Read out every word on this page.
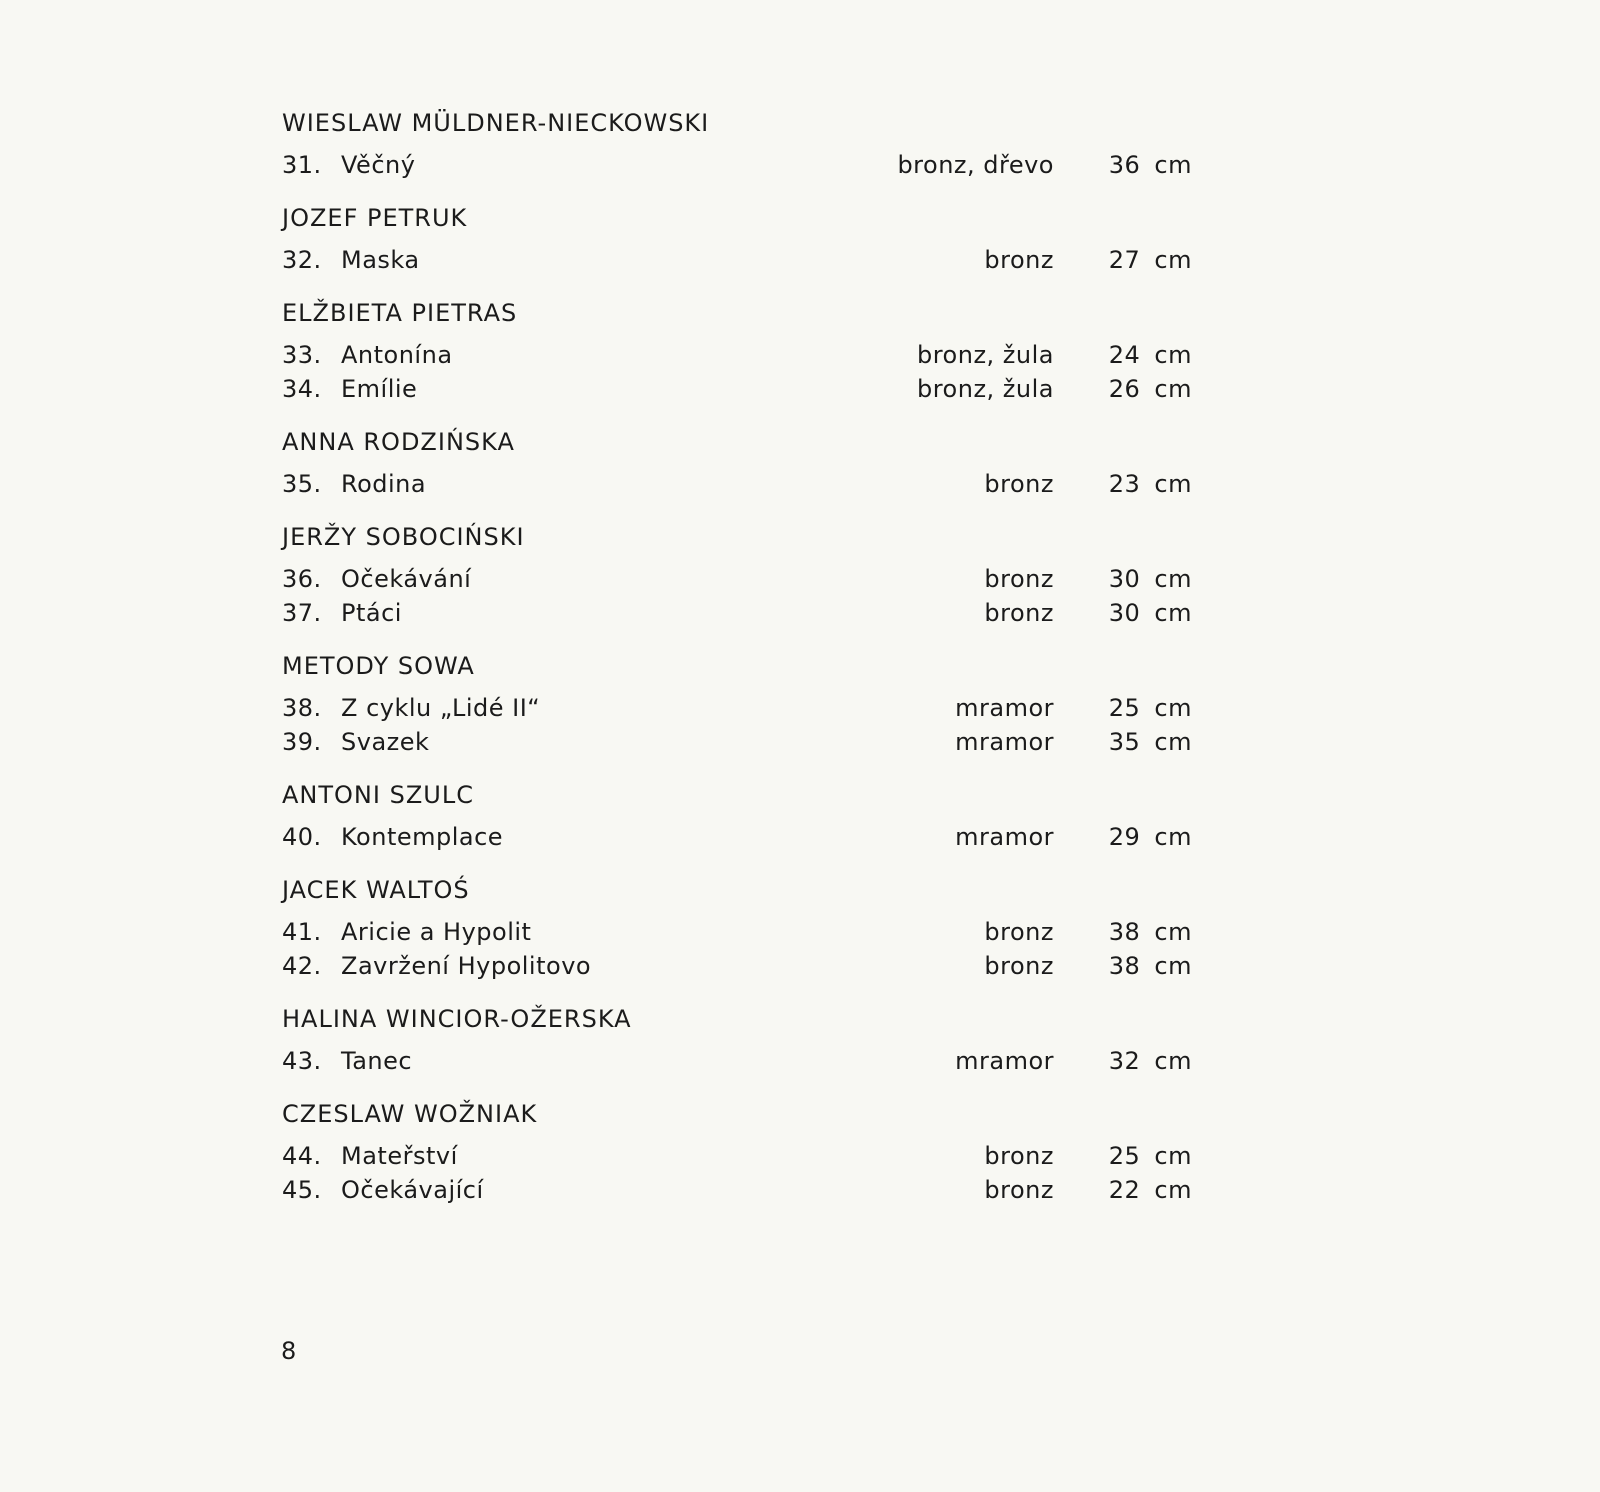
WIESLAW MÜLDNER-NIECKOWSKI
31. Věčný	bronz, dřevo 36 cm
JOZEF PETRUK
32. Maska	bronz 27 cm
ELŽBIETA PIETRAS
33. Antonína	bronz, žula 24 cm
34. Emílie	bronz, žula 26 cm
ANNA RODZIŃSKA
35. Rodina	bronz 23 cm
JERŽY SOBOCIŃSKI
36. Očekávání	bronz 30 cm
37. Ptáci	bronz 30 cm
METODY SOWA
38. Z cyklu „Lidé II“	mramor 25 cm
39. Svazek	mramor 35 cm
ANTONI SZULC
40. Kontemplace	mramor 29 cm
JACEK WALTOŚ
41. Aricie a Hypolit	bronz 38 cm
42. Zavržení Hypolitovo	bronz 38 cm
HALINA WINCIOR-OŽERSKA
43. Tanec	mramor 32 cm
CZESLAW WOŽNIAK
44. Mateřství	bronz 25 cm
45. Očekávající	bronz 22 cm
8
